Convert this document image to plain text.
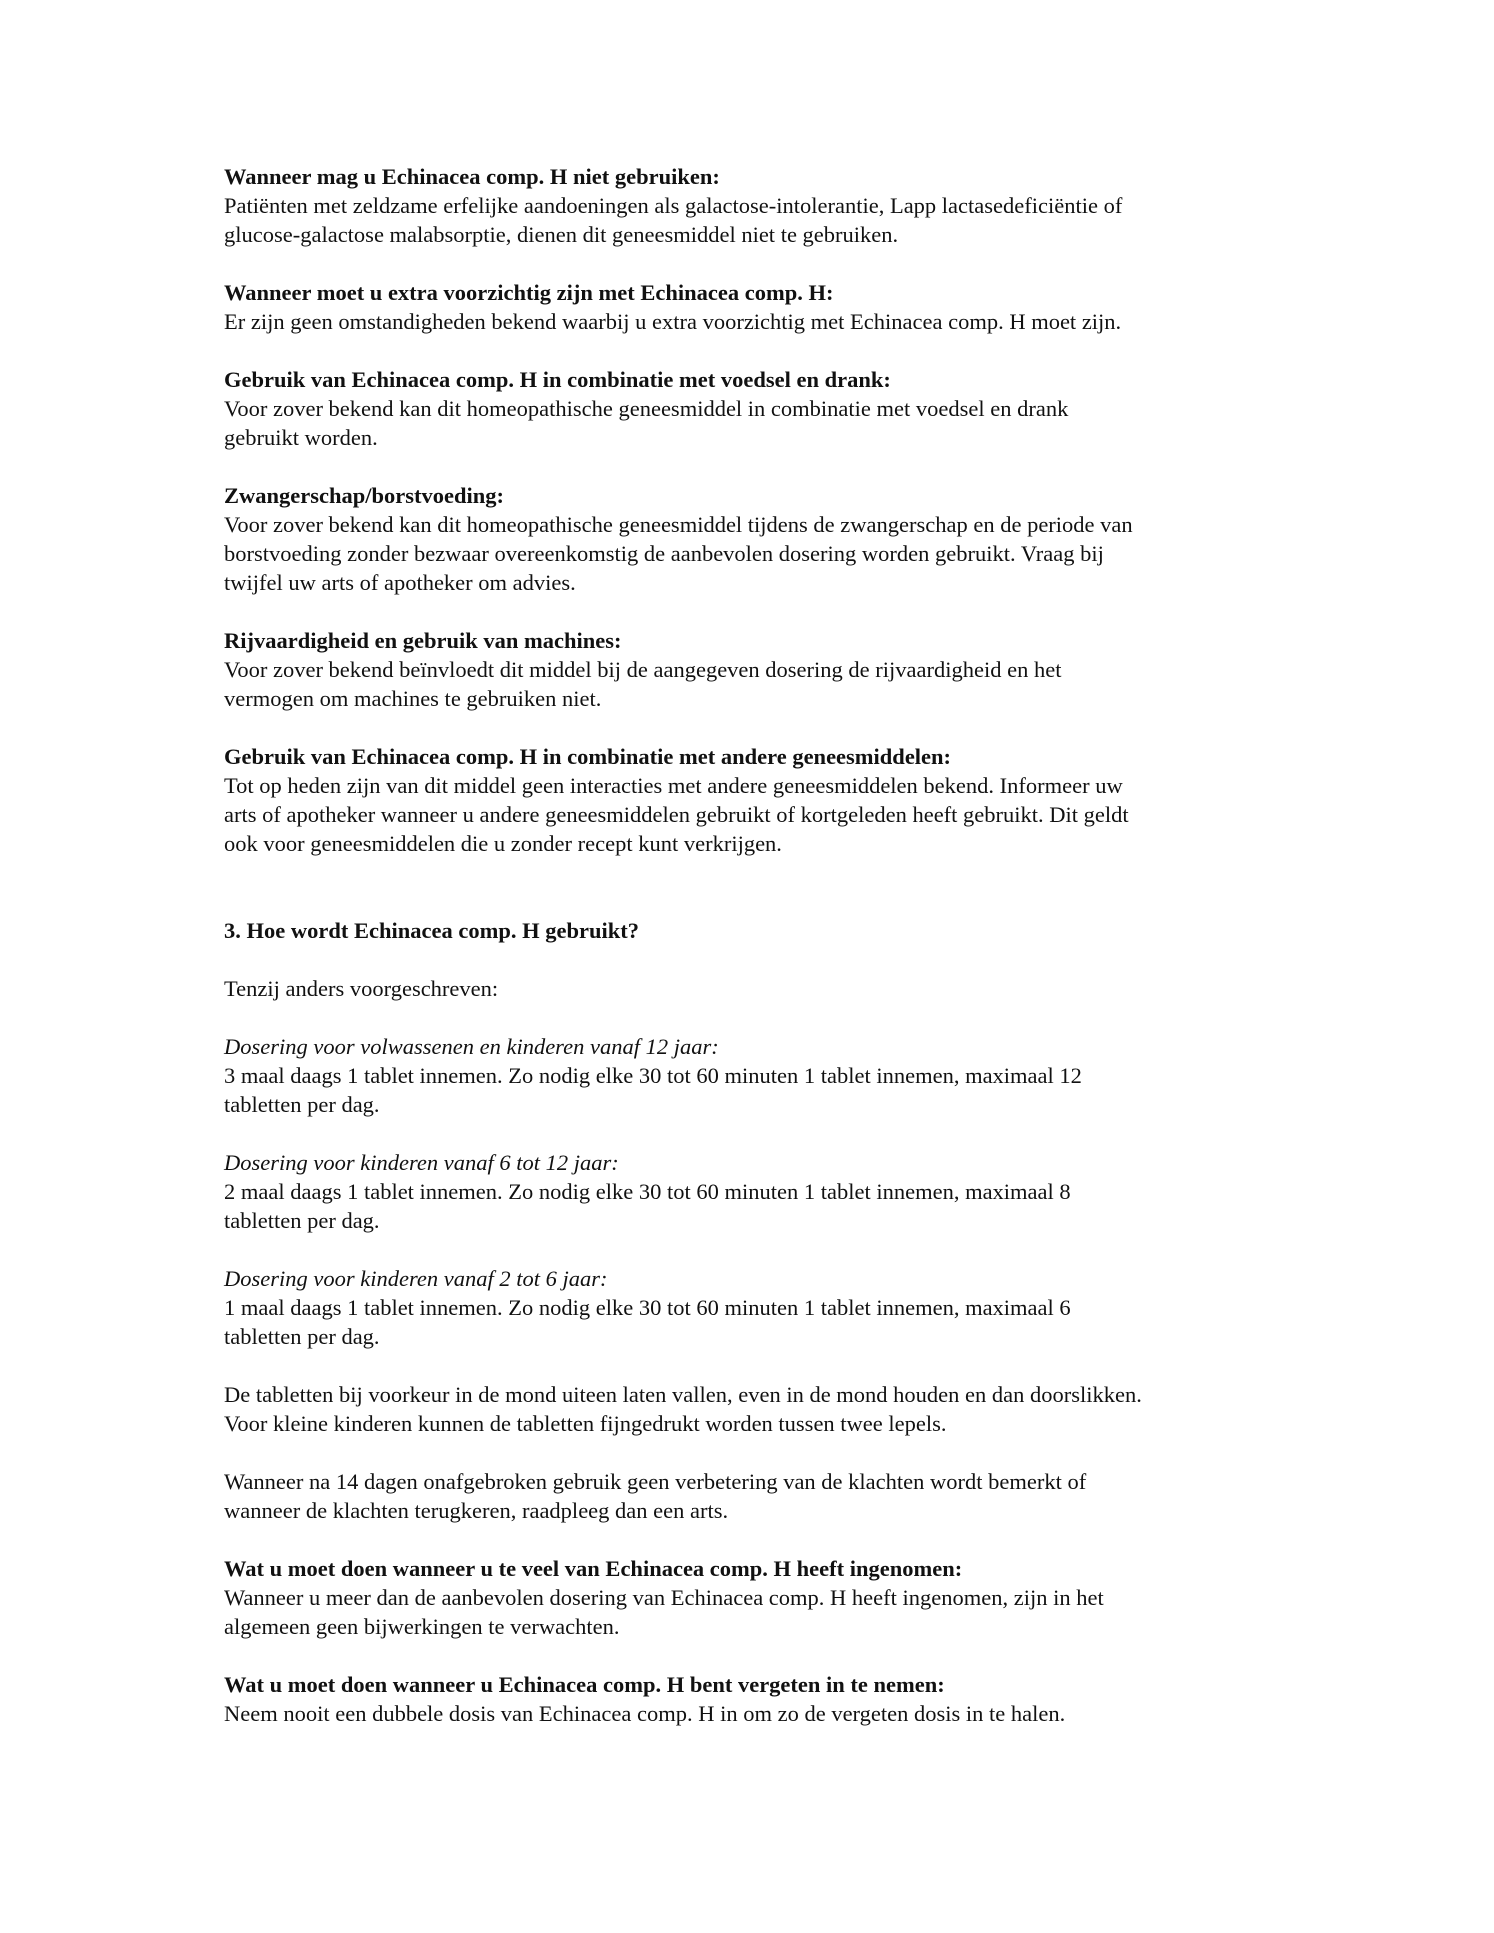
Wanneer mag u Echinacea comp. H niet gebruiken:

Patiënten met zeldzame erfelijke aandoeningen als galactose-intolerantie, Lapp lactasedeficiëntie of

glucose-galactose malabsorptie, dienen dit geneesmiddel niet te gebruiken.

Wanneer moet u extra voorzichtig zijn met Echinacea comp. H:

Er zijn geen omstandigheden bekend waarbij u extra voorzichtig met Echinacea comp. H moet zijn.

Gebruik van Echinacea comp. H in combinatie met voedsel en drank:

Voor zover bekend kan dit homeopathische geneesmiddel in combinatie met voedsel en drank

gebruikt worden.

Zwangerschap/borstvoeding:

Voor zover bekend kan dit homeopathische geneesmiddel tijdens de zwangerschap en de periode van

borstvoeding zonder bezwaar overeenkomstig de aanbevolen dosering worden gebruikt. Vraag bij

twijfel uw arts of apotheker om advies.

Rijvaardigheid en gebruik van machines:

Voor zover bekend beïnvloedt dit middel bij de aangegeven dosering de rijvaardigheid en het

vermogen om machines te gebruiken niet.

Gebruik van Echinacea comp. H in combinatie met andere geneesmiddelen:

Tot op heden zijn van dit middel geen interacties met andere geneesmiddelen bekend. Informeer uw

arts of apotheker wanneer u andere geneesmiddelen gebruikt of kortgeleden heeft gebruikt. Dit geldt

ook voor geneesmiddelen die u zonder recept kunt verkrijgen.

3. Hoe wordt Echinacea comp. H gebruikt?

Tenzij anders voorgeschreven:

Dosering voor volwassenen en kinderen vanaf 12 jaar:

3 maal daags 1 tablet innemen. Zo nodig elke 30 tot 60 minuten 1 tablet innemen, maximaal 12

tabletten per dag.

Dosering voor kinderen vanaf 6 tot 12 jaar:

2 maal daags 1 tablet innemen. Zo nodig elke 30 tot 60 minuten 1 tablet innemen, maximaal 8

tabletten per dag.

Dosering voor kinderen vanaf 2 tot 6 jaar:

1 maal daags 1 tablet innemen. Zo nodig elke 30 tot 60 minuten 1 tablet innemen, maximaal 6

tabletten per dag.

De tabletten bij voorkeur in de mond uiteen laten vallen, even in de mond houden en dan doorslikken.

Voor kleine kinderen kunnen de tabletten fijngedrukt worden tussen twee lepels.

Wanneer na 14 dagen onafgebroken gebruik geen verbetering van de klachten wordt bemerkt of

wanneer de klachten terugkeren, raadpleeg dan een arts.

Wat u moet doen wanneer u te veel van Echinacea comp. H heeft ingenomen:

Wanneer u meer dan de aanbevolen dosering van Echinacea comp. H heeft ingenomen, zijn in het

algemeen geen bijwerkingen te verwachten.

Wat u moet doen wanneer u Echinacea comp. H bent vergeten in te nemen:

Neem nooit een dubbele dosis van Echinacea comp. H in om zo de vergeten dosis in te halen.
